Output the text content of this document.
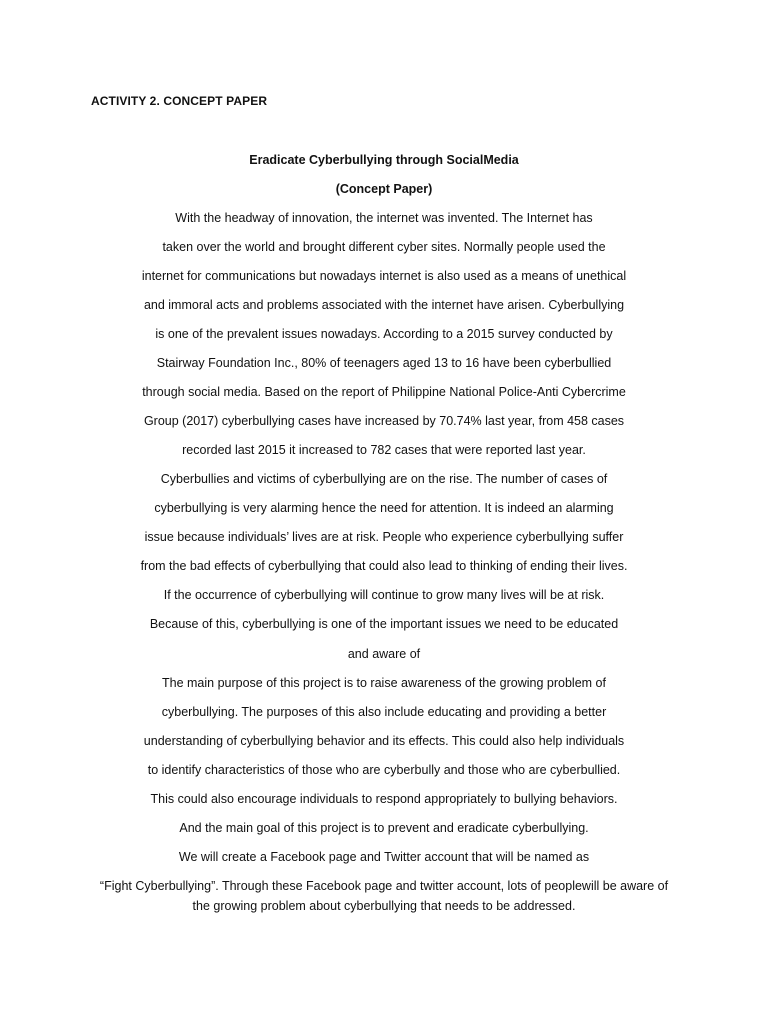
ACTIVITY 2. CONCEPT PAPER
Eradicate Cyberbullying through SocialMedia
(Concept Paper)
With the headway of innovation, the internet was invented. The Internet has
taken over the world and brought different cyber sites. Normally people used the
internet for communications but nowadays internet is also used as a means of unethical
and immoral acts and problems associated with the internet have arisen. Cyberbullying
is one of the prevalent issues nowadays. According to a 2015 survey conducted by
Stairway Foundation Inc., 80% of teenagers aged 13 to 16 have been cyberbullied
through social media. Based on the report of Philippine National Police-Anti Cybercrime
Group (2017) cyberbullying cases have increased by 70.74% last year, from 458 cases
recorded last 2015 it increased to 782 cases that were reported last year.
Cyberbullies and victims of cyberbullying are on the rise. The number of cases of
cyberbullying is very alarming hence the need for attention. It is indeed an alarming
issue because individuals’ lives are at risk. People who experience cyberbullying suffer
from the bad effects of cyberbullying that could also lead to thinking of ending their lives.
If the occurrence of cyberbullying will continue to grow many lives will be at risk.
Because of this, cyberbullying is one of the important issues we need to be educated
and aware of
The main purpose of this project is to raise awareness of the growing problem of
cyberbullying. The purposes of this also include educating and providing a better
understanding of cyberbullying behavior and its effects. This could also help individuals
to identify characteristics of those who are cyberbully and those who are cyberbullied.
This could also encourage individuals to respond appropriately to bullying behaviors.
And the main goal of this project is to prevent and eradicate cyberbullying.
We will create a Facebook page and Twitter account that will be named as
“Fight Cyberbullying”. Through these Facebook page and twitter account, lots of peoplewill be aware of
the growing problem about cyberbullying that needs to be addressed.
